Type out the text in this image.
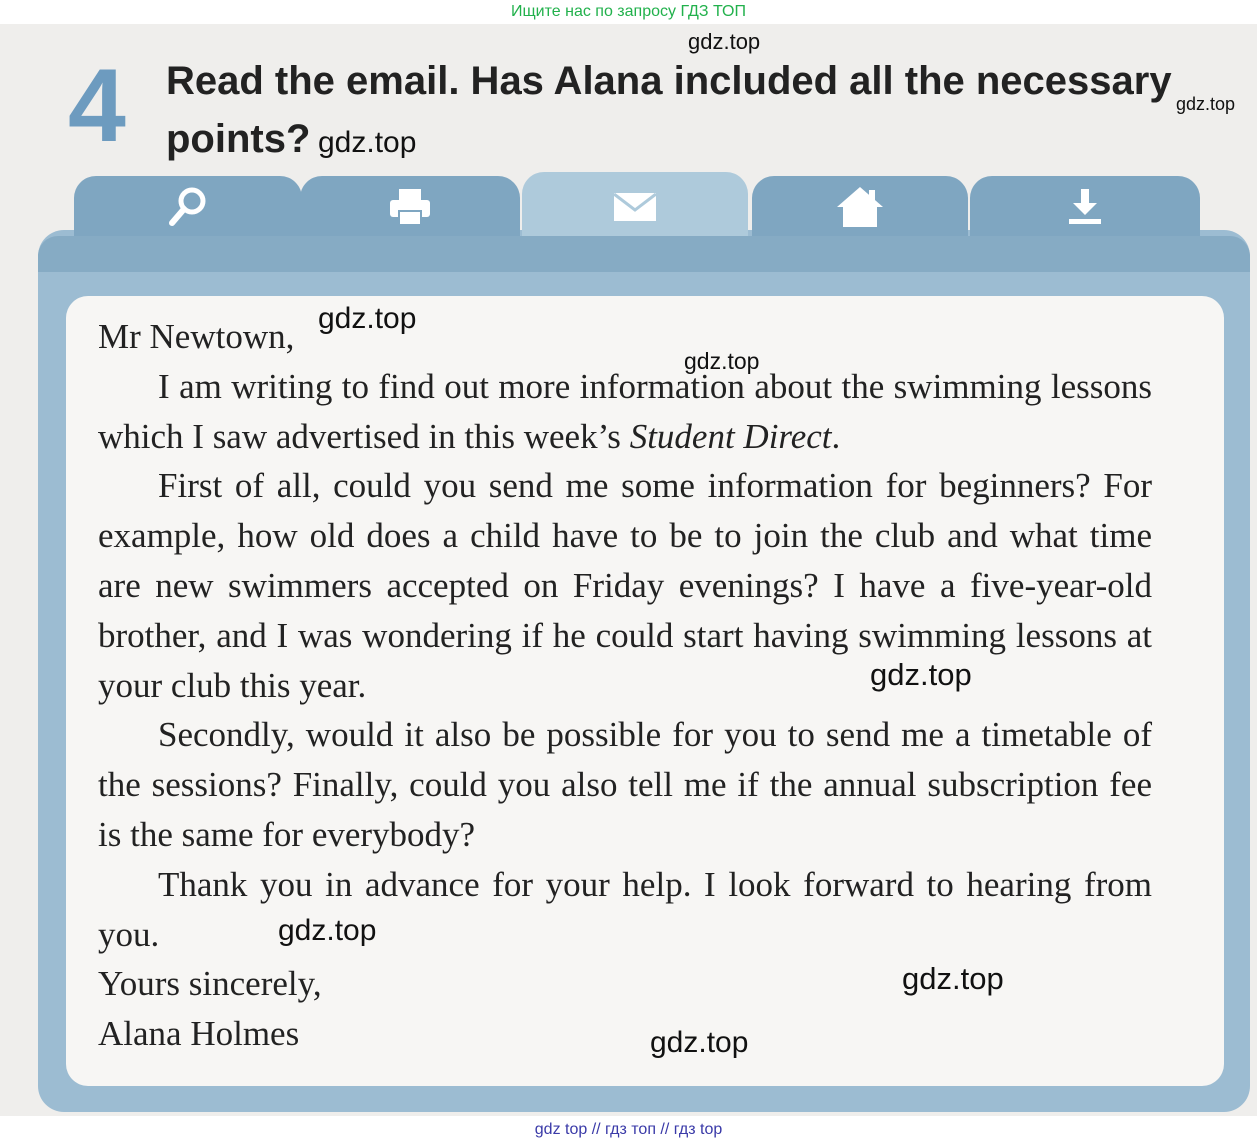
Ищите нас по запросу ГДЗ ТОП
4 Read the email. Has Alana included all the necessary points?

Mr Newtown,

I am writing to find out more information about the swimming lessons which I saw advertised in this week’s Student Direct.

First of all, could you send me some information for beginners? For example, how old does a child have to be to join the club and what time are new swimmers accepted on Friday evenings? I have a five-year-old brother, and I was wondering if he could start having swimming lessons at your club this year.

Secondly, would it also be possible for you to send me a timetable of the sessions? Finally, could you also tell me if the annual subscription fee is the same for everybody?

Thank you in advance for your help. I look forward to hearing from you.

Yours sincerely,

Alana Holmes

gdz.top
gdz.top
gdz.top
gdz.top
gdz.top
gdz.top
gdz.top
gdz.top
gdz.top
gdz top // гдз топ // гдз top
